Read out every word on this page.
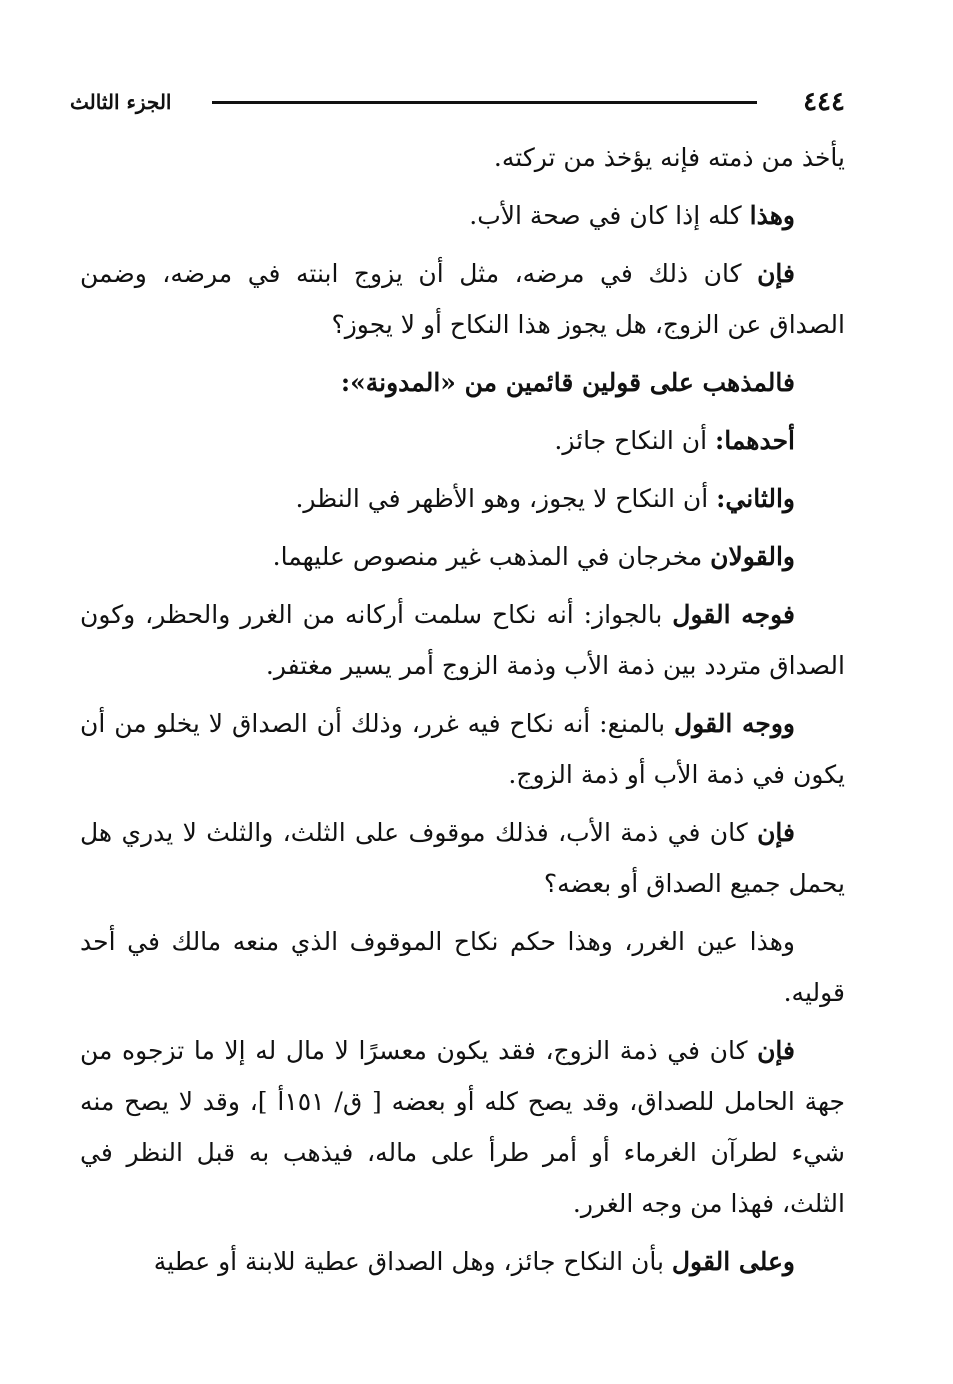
٤٤٤
الجزء الثالث

يأخذ من ذمته فإنه يؤخذ من تركته.

وهذا كله إذا كان في صحة الأب.

فإن كان ذلك في مرضه، مثل أن يزوج ابنته في مرضه، وضمن الصداق عن الزوج، هل يجوز هذا النكاح أو لا يجوز؟

فالمذهب على قولين قائمين من «المدونة»:

أحدهما: أن النكاح جائز.

والثاني: أن النكاح لا يجوز، وهو الأظهر في النظر.

والقولان مخرجان في المذهب غير منصوص عليهما.

فوجه القول بالجواز: أنه نكاح سلمت أركانه من الغرر والحظر، وكون الصداق متردد بين ذمة الأب وذمة الزوج أمر يسير مغتفر.

ووجه القول بالمنع: أنه نكاح فيه غرر، وذلك أن الصداق لا يخلو من أن يكون في ذمة الأب أو ذمة الزوج.

فإن كان في ذمة الأب، فذلك موقوف على الثلث، والثلث لا يدري هل يحمل جميع الصداق أو بعضه؟

وهذا عين الغرر، وهذا حكم نكاح الموقوف الذي منعه مالك في أحد قوليه.

فإن كان في ذمة الزوج، فقد يكون معسرًا لا مال له إلا ما تزجوه من جهة الحامل للصداق، وقد يصح كله أو بعضه [ ق/ ١٥١أ ]، وقد لا يصح منه شيء لطرآن الغرماء أو أمر طرأ على ماله، فيذهب به قبل النظر في الثلث، فهذا من وجه الغرر.

وعلى القول بأن النكاح جائز، وهل الصداق عطية للابنة أو عطية
